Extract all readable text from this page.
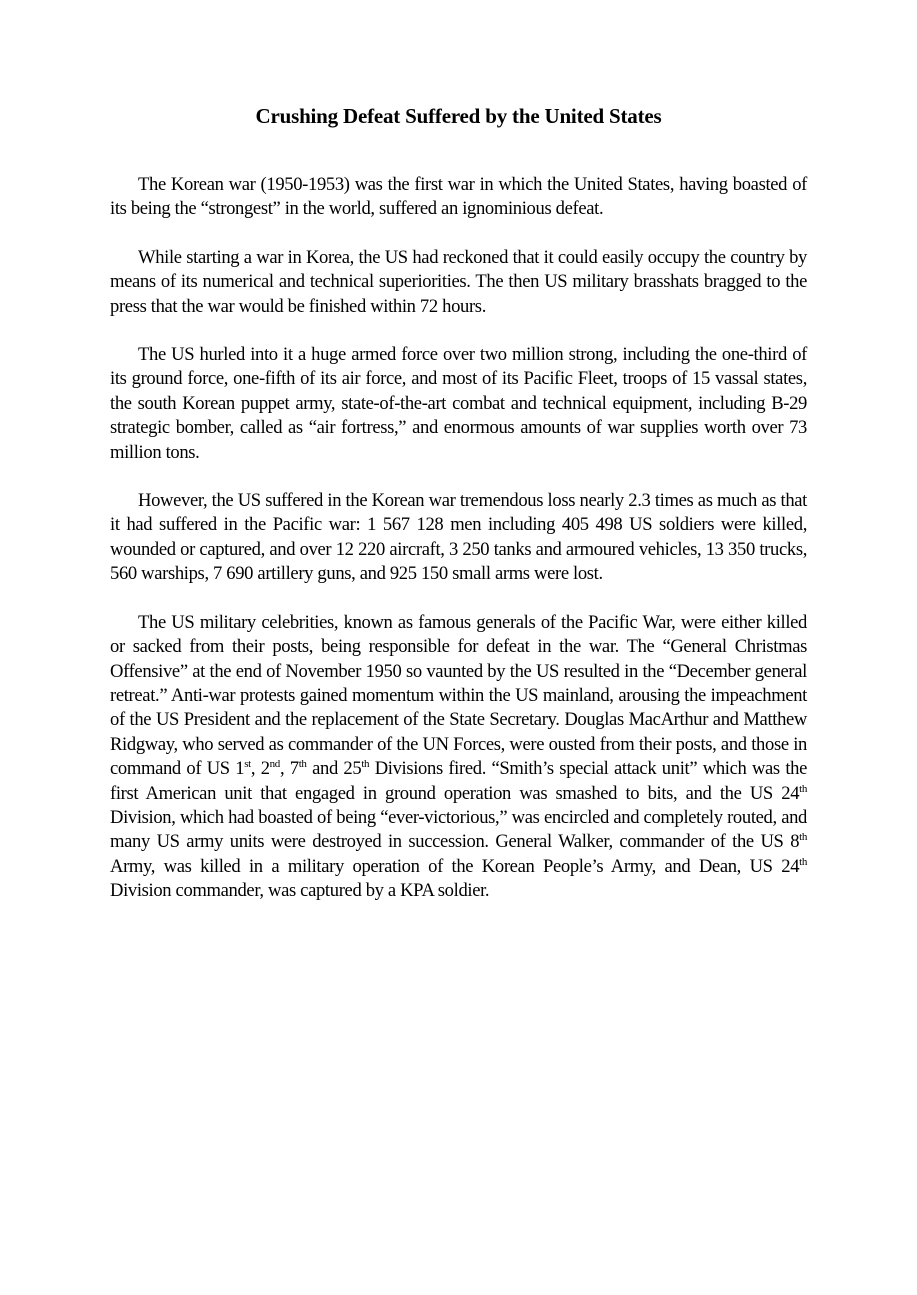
Crushing Defeat Suffered by the United States

The Korean war (1950-1953) was the first war in which the United States, having boasted of its being the “strongest” in the world, suffered an ignominious defeat.

While starting a war in Korea, the US had reckoned that it could easily occupy the country by means of its numerical and technical superiorities. The then US military brasshats bragged to the press that the war would be finished within 72 hours.

The US hurled into it a huge armed force over two million strong, including the one-third of its ground force, one-fifth of its air force, and most of its Pacific Fleet, troops of 15 vassal states, the south Korean puppet army, state-of-the-art combat and technical equipment, including B-29 strategic bomber, called as “air fortress,” and enormous amounts of war supplies worth over 73 million tons.

However, the US suffered in the Korean war tremendous loss nearly 2.3 times as much as that it had suffered in the Pacific war: 1 567 128 men including 405 498 US soldiers were killed, wounded or captured, and over 12 220 aircraft, 3 250 tanks and armoured vehicles, 13 350 trucks, 560 warships, 7 690 artillery guns, and 925 150 small arms were lost.

The US military celebrities, known as famous generals of the Pacific War, were either killed or sacked from their posts, being responsible for defeat in the war. The “General Christmas Offensive” at the end of November 1950 so vaunted by the US resulted in the “December general retreat.” Anti-war protests gained momentum within the US mainland, arousing the impeachment of the US President and the replacement of the State Secretary. Douglas MacArthur and Matthew Ridgway, who served as commander of the UN Forces, were ousted from their posts, and those in command of US 1st, 2nd, 7th and 25th Divisions fired. “Smith’s special attack unit” which was the first American unit that engaged in ground operation was smashed to bits, and the US 24th Division, which had boasted of being “ever-victorious,” was encircled and completely routed, and many US army units were destroyed in succession. General Walker, commander of the US 8th Army, was killed in a military operation of the Korean People’s Army, and Dean, US 24th Division commander, was captured by a KPA soldier.
